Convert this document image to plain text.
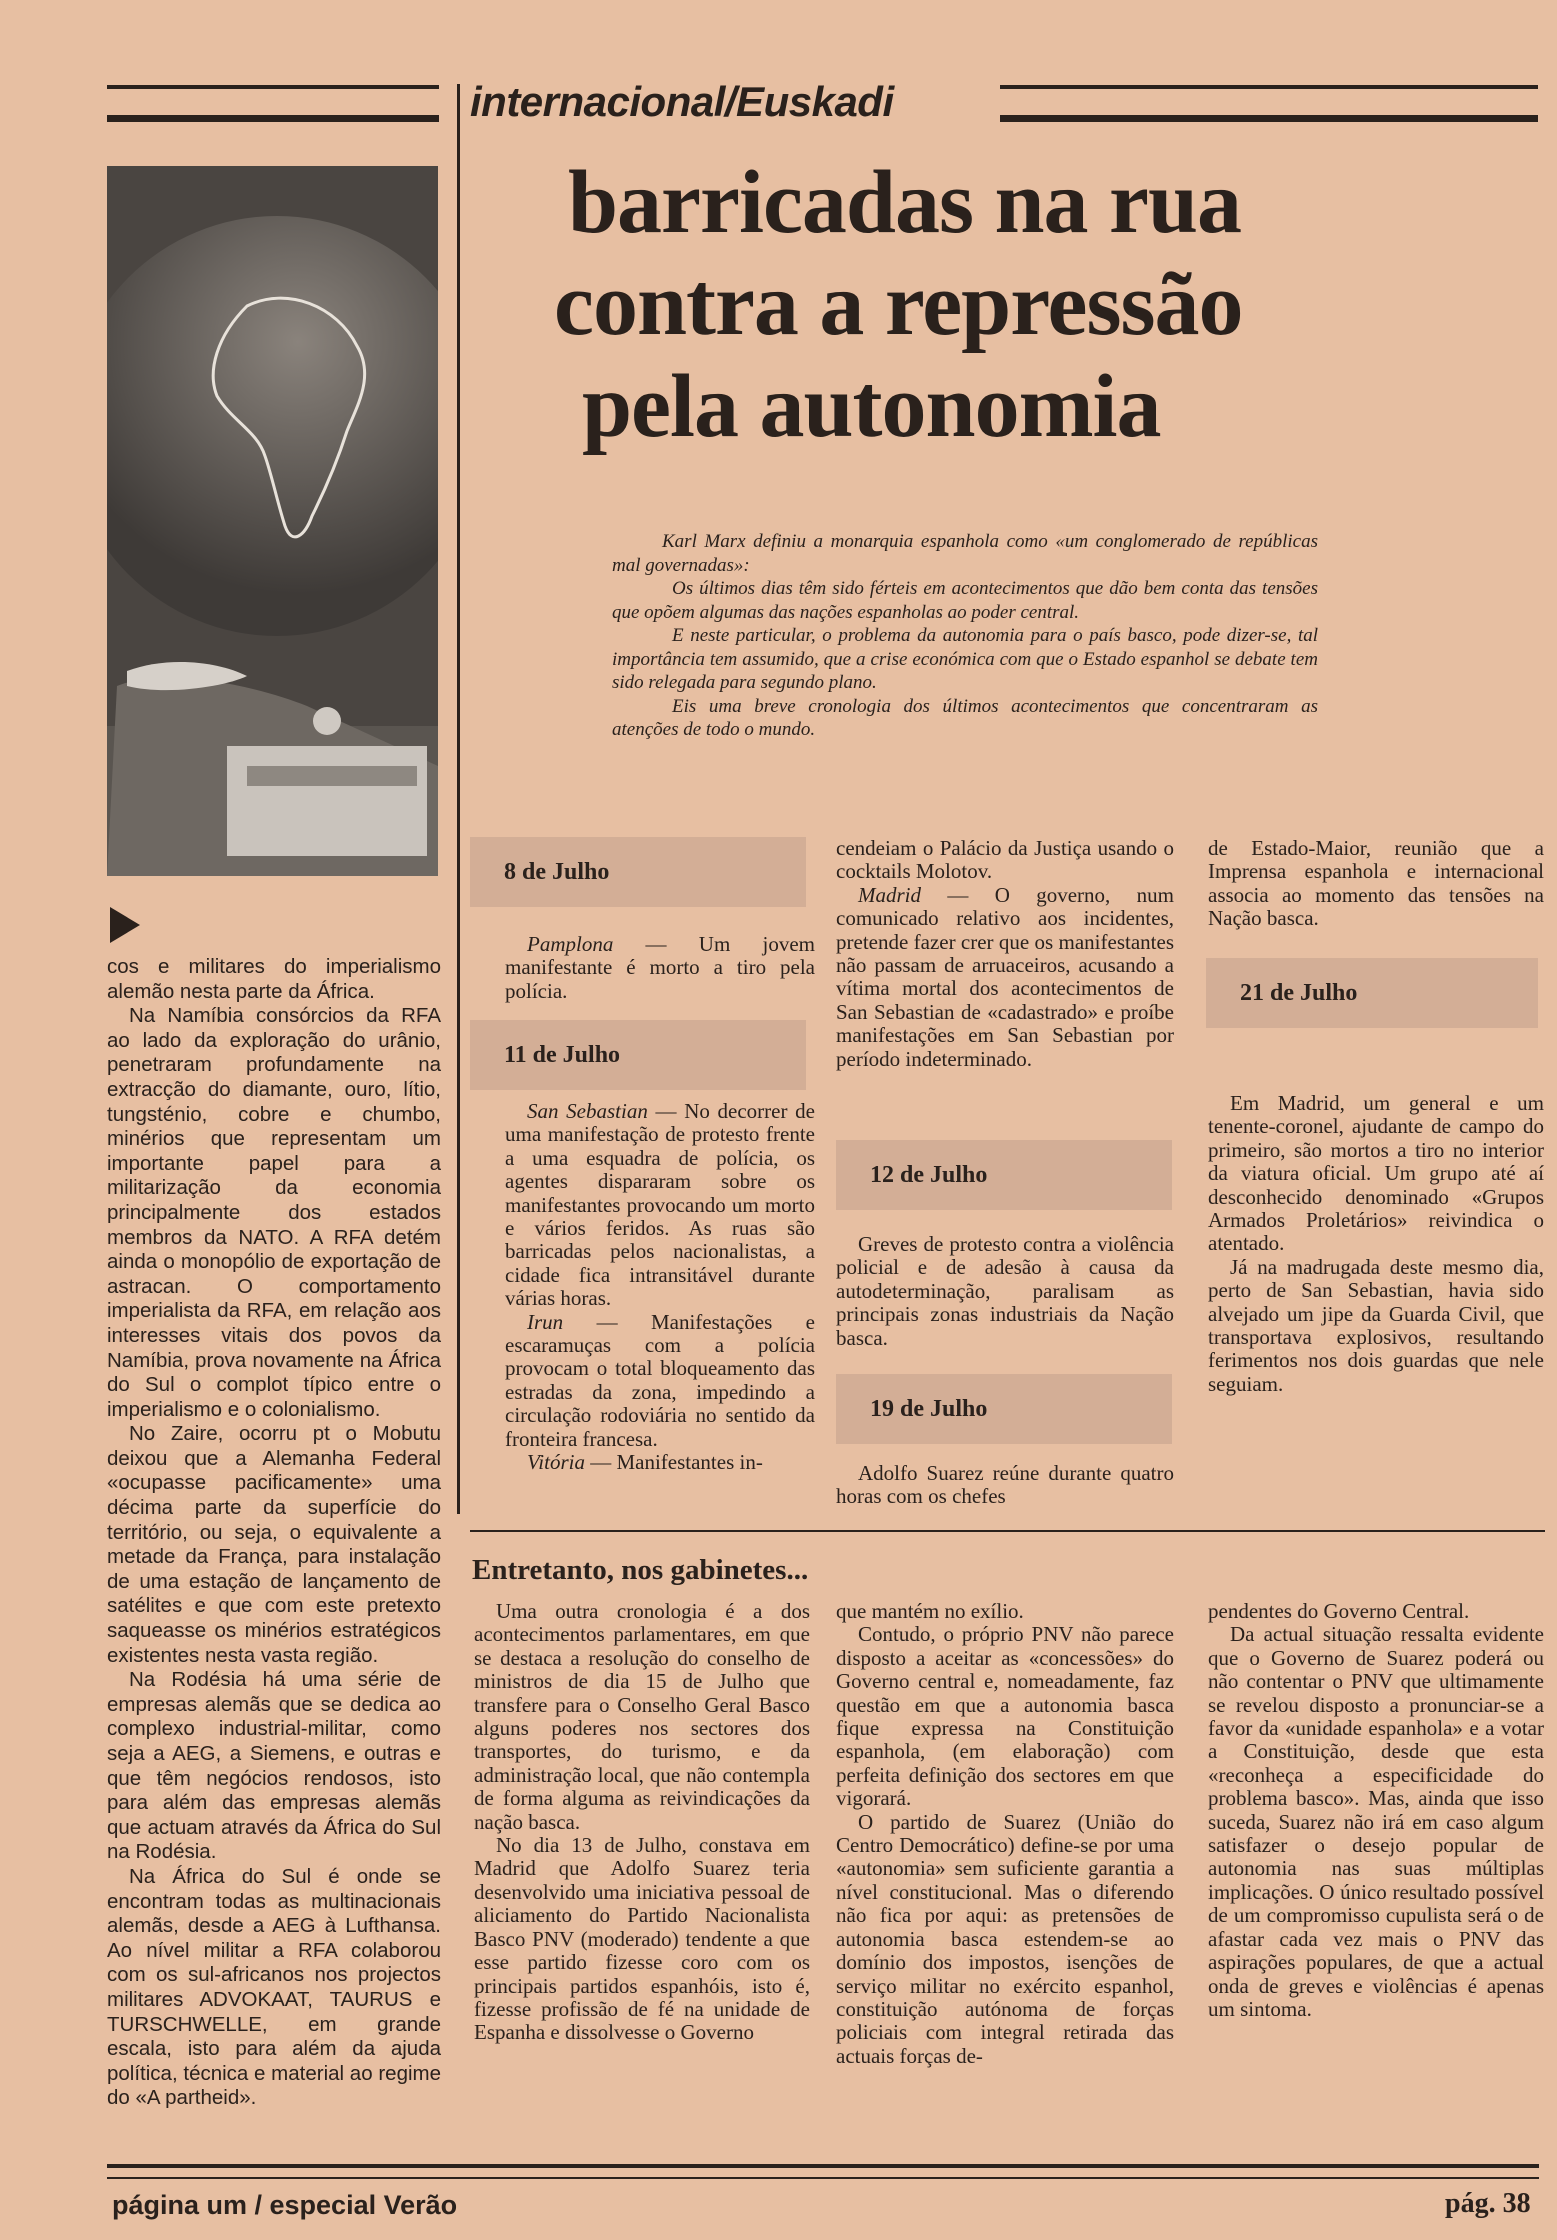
internacional/Euskadi

cos e militares do imperialismo alemão nesta parte da África.

Na Namíbia consórcios da RFA ao lado da exploração do urânio, penetraram profundamente na extracção do diamante, ouro, lítio, tungsténio, cobre e chumbo, minérios que representam um importante papel para a militarização da economia principalmente dos estados membros da NATO. A RFA detém ainda o monopólio de exportação de astracan. O comportamento imperialista da RFA, em relação aos interesses vitais dos povos da Namíbia, prova novamente na África do Sul o complot típico entre o imperialismo e o colonialismo.

No Zaire, ocorru pt o Mobutu deixou que a Alemanha Federal «ocupasse pacificamente» uma décima parte da superfície do território, ou seja, o equivalente a metade da França, para instalação de uma estação de lançamento de satélites e que com este pretexto saqueasse os minérios estratégicos existentes nesta vasta região.

Na Rodésia há uma série de empresas alemãs que se dedica ao complexo industrial-militar, como seja a AEG, a Siemens, e outras e que têm negócios rendosos, isto para além das empresas alemãs que actuam através da África do Sul na Rodésia.

Na África do Sul é onde se encontram todas as multinacionais alemãs, desde a AEG à Lufthansa. Ao nível militar a RFA colaborou com os sul-africanos nos projectos militares ADVOKAAT, TAURUS e TURSCHWELLE, em grande escala, isto para além da ajuda política, técnica e material ao regime do «A partheid».

barricadas na rua
contra a repressão
pela autonomia

Karl Marx definiu a monarquia espanhola como «um conglomerado de repúblicas mal governadas»:

Os últimos dias têm sido férteis em acontecimentos que dão bem conta das tensões que opõem algumas das nações espanholas ao poder central.

E neste particular, o problema da autonomia para o país basco, pode dizer-se, tal importância tem assumido, que a crise económica com que o Estado espanhol se debate tem sido relegada para segundo plano.

Eis uma breve cronologia dos últimos acontecimentos que concentraram as atenções de todo o mundo.

8 de Julho

Pamplona — Um jovem manifestante é morto a tiro pela polícia.

11 de Julho

San Sebastian — No decorrer de uma manifestação de protesto frente a uma esquadra de polícia, os agentes dispararam sobre os manifestantes provocando um morto e vários feridos. As ruas são barricadas pelos nacionalistas, a cidade fica intransitável durante várias horas.

Irun — Manifestações e escaramuças com a polícia provocam o total bloqueamento das estradas da zona, impedindo a circulação rodoviária no sentido da fronteira francesa.

Vitória — Manifestantes in-

cendeiam o Palácio da Justiça usando o cocktails Molotov.

Madrid — O governo, num comunicado relativo aos incidentes, pretende fazer crer que os manifestantes não passam de arruaceiros, acusando a vítima mortal dos acontecimentos de San Sebastian de «cadastrado» e proíbe manifestações em San Sebastian por período indeterminado.

12 de Julho

Greves de protesto contra a violência policial e de adesão à causa da autodeterminação, paralisam as principais zonas industriais da Nação basca.

19 de Julho

Adolfo Suarez reúne durante quatro horas com os chefes

de Estado-Maior, reunião que a Imprensa espanhola e internacional associa ao momento das tensões na Nação basca.

21 de Julho

Em Madrid, um general e um tenente-coronel, ajudante de campo do primeiro, são mortos a tiro no interior da viatura oficial. Um grupo até aí desconhecido denominado «Grupos Armados Proletários» reivindica o atentado.

Já na madrugada deste mesmo dia, perto de San Sebastian, havia sido alvejado um jipe da Guarda Civil, que transportava explosivos, resultando ferimentos nos dois guardas que nele seguiam.

Entretanto, nos gabinetes...

Uma outra cronologia é a dos acontecimentos parlamentares, em que se destaca a resolução do conselho de ministros de dia 15 de Julho que transfere para o Conselho Geral Basco alguns poderes nos sectores dos transportes, do turismo, e da administração local, que não contempla de forma alguma as reivindicações da nação basca.

No dia 13 de Julho, constava em Madrid que Adolfo Suarez teria desenvolvido uma iniciativa pessoal de aliciamento do Partido Nacionalista Basco PNV (moderado) tendente a que esse partido fizesse coro com os principais partidos espanhóis, isto é, fizesse profissão de fé na unidade de Espanha e dissolvesse o Governo

que mantém no exílio.

Contudo, o próprio PNV não parece disposto a aceitar as «concessões» do Governo central e, nomeadamente, faz questão em que a autonomia basca fique expressa na Constituição espanhola, (em elaboração) com perfeita definição dos sectores em que vigorará.

O partido de Suarez (União do Centro Democrático) define-se por uma «autonomia» sem suficiente garantia a nível constitucional. Mas o diferendo não fica por aqui: as pretensões de autonomia basca estendem-se ao domínio dos impostos, isenções de serviço militar no exército espanhol, constituição autónoma de forças policiais com integral retirada das actuais forças de-

pendentes do Governo Central.

Da actual situação ressalta evidente que o Governo de Suarez poderá ou não contentar o PNV que ultimamente se revelou disposto a pronunciar-se a favor da «unidade espanhola» e a votar a Constituição, desde que esta «reconheça a especificidade do problema basco». Mas, ainda que isso suceda, Suarez não irá em caso algum satisfazer o desejo popular de autonomia nas suas múltiplas implicações. O único resultado possível de um compromisso cupulista será o de afastar cada vez mais o PNV das aspirações populares, de que a actual onda de greves e violências é apenas um sintoma.

página um / especial Verão	pág. 38
